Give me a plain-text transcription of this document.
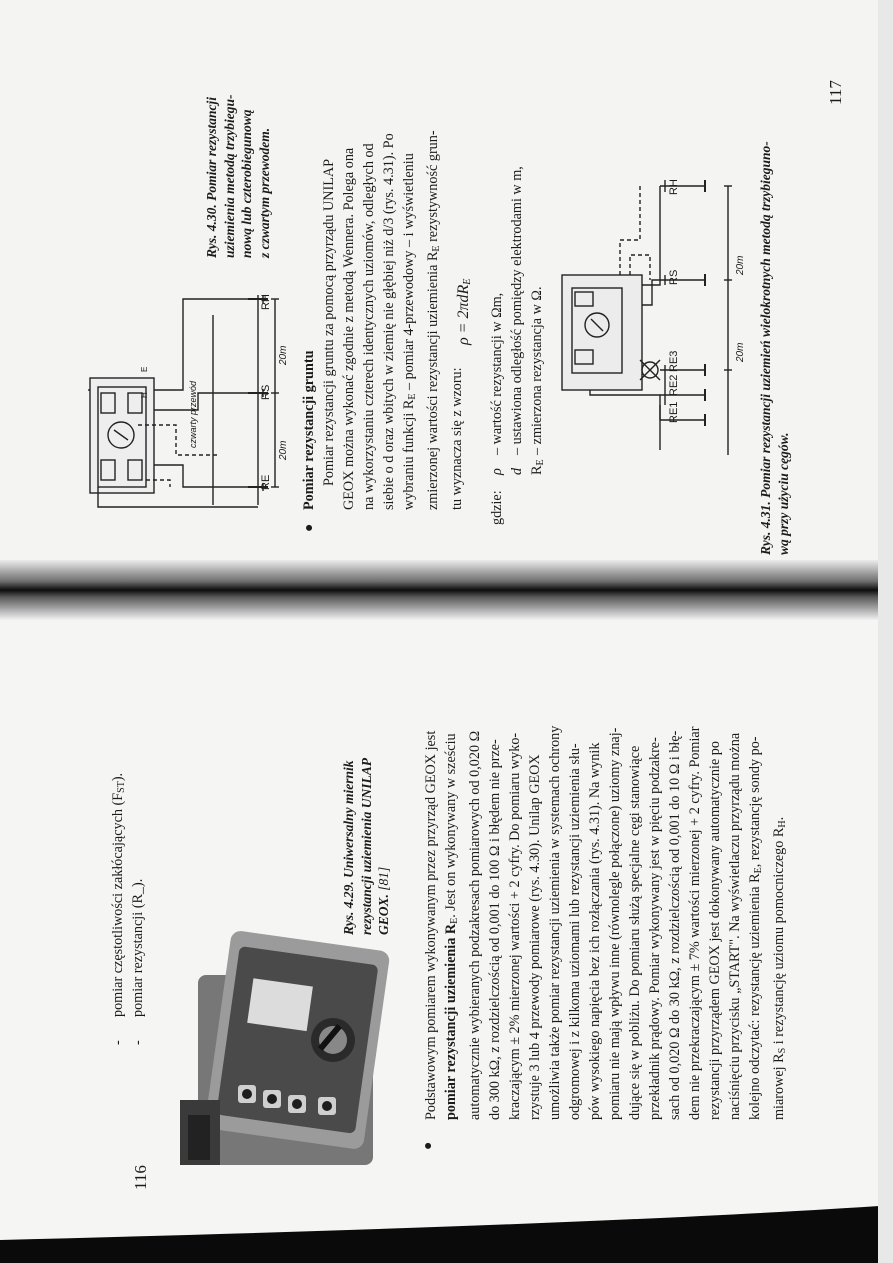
116
-pomiar częstotliwości zakłócających $(F_{ST})$.
-pomiar rezystancji (R_).	Rys. 4.29. Uniwersalny miernik rezystancji uziemienia UNILAP GEOX. [81]
●
Podstawowym pomiarem wykonywanym przez przyrząd GEOX jest pomiar rezystancji uziemienia $R_E$. Jest on wykonywany w sześciu automatycznie wybieranych podzakresach pomiarowych od 0,020 Ω do 300 kΩ, z rozdzielczością od 0,001 do 100 Ω i błędem nie prze- kraczającym ± 2% mierzonej wartości + 2 cyfry. Do pomiaru wyko- rzystuje 3 lub 4 przewody pomiarowe (rys. 4.30). Unilap GEOX umożliwia także pomiar rezystancji uziemienia w systemach ochrony odgromowej i z kilkoma uziomami lub rezystancji uziemienia słu- pów wysokiego napięcia bez ich rozłączania (rys. 4.31). Na wynik pomiaru nie mają wpływu inne (równolegle połączone) uziomy znaj- dujące się w pobliżu. Do pomiaru służą specjalne cęgi stanowiące przekładnik prądowy. Pomiar wykonywany jest w pięciu podzakre- sach od 0,020 Ω do 30 kΩ, z rozdzielczością od 0,001 do 10 Ω i błę- dem nie przekraczającym ± 7% wartości mierzonej + 2 cyfry. Pomiar rezystancji przyrządem GEOX jest dokonywany automatycznie po naciśnięciu przycisku „START". Na wyświetlaczu przyrządu można kolejno odczytać: rezystancję uziemienia $R_E$, rezystancję sondy po-
miarowej $R_S$ i rezystancję uziomu pomocniczego $R_H$.
117
Rys. 4.30. Pomiar rezystancji uziemienia metodą trzybiegu- nową lub czterobiegunową z czwartym przewodem.
RE
RS
RH
20m
20m
czwarty przewód
H
E
●
Pomiar rezystancji gruntu Pomiar rezystancji gruntu za pomocą przyrządu UNILAP GEOX można wykonać zgodnie z metodą Wennera. Polega ona na wykorzystaniu czterech identycznych uziomów, odległych od siebie o d oraz wbitych w ziemię nie głębiej niż d/3 (rys. 4.31). Po wybraniu funkcji $R_E$ – pomiar 4-przewodowy – i wyświetleniu zmierzonej wartości rezystancji uziemienia $R_E$ rezystywność grun-
tu wyznacza się z wzoru:
ρ = 2πdR$_E$
gdzie:
ρ– wartość rezystancji w Ωm,
d– ustawiona odległość pomiędzy elektrodami w m,
$R_E-$ zmierzona rezystancja w Ω.
RH
RS
RE3
RE2
RE1
20m
20m
Rys. 4.31. Pomiar rezystancji uziemień wielokrotnych metodą trzybieguno- wą przy użyciu cęgów.
